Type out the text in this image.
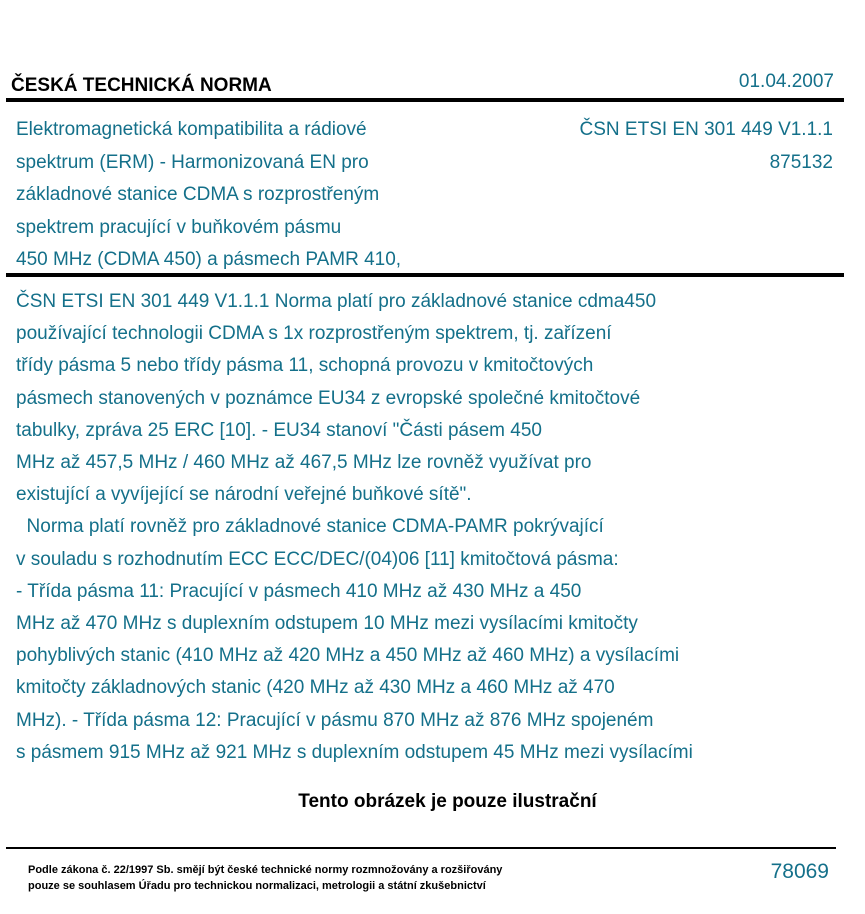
ČESKÁ TECHNICKÁ NORMA	01.04.2007
Elektromagnetická kompatibilita a rádiové
spektrum (ERM) - Harmonizovaná EN pro
základnové stanice CDMA s rozprostřeným
spektrem pracující v buňkovém pásmu
450 MHz (CDMA 450) a pásmech PAMR 410,
ČSN ETSI EN 301 449 V1.1.1
875132
ČSN ETSI EN 301 449 V1.1.1 Norma platí pro základnové stanice cdma450
používající technologii CDMA s 1x rozprostřeným spektrem, tj. zařízení
třídy pásma 5 nebo třídy pásma 11, schopná provozu v kmitočtových
pásmech stanovených v poznámce EU34 z evropské společné kmitočtové
tabulky, zpráva 25 ERC [10]. - EU34 stanoví "Části pásem 450
MHz až 457,5 MHz / 460 MHz až 467,5 MHz lze rovněž využívat pro
existující a vyvíjející se národní veřejné buňkové sítě".
Norma platí rovněž pro základnové stanice CDMA-PAMR pokrývající
v souladu s rozhodnutím ECC ECC/DEC/(04)06 [11] kmitočtová pásma:
- Třída pásma 11: Pracující v pásmech 410 MHz až 430 MHz a 450
MHz až 470 MHz s duplexním odstupem 10 MHz mezi vysílacími kmitočty
pohyblivých stanic (410 MHz až 420 MHz a 450 MHz až 460 MHz) a vysílacími
kmitočty základnových stanic (420 MHz až 430 MHz a 460 MHz až 470
MHz). - Třída pásma 12: Pracující v pásmu 870 MHz až 876 MHz spojeném
s pásmem 915 MHz až 921 MHz s duplexním odstupem 45 MHz mezi vysílacími
Tento obrázek je pouze ilustrační
Podle zákona č. 22/1997 Sb. smějí být české technické normy rozmnožovány a rozšiřovány
pouze se souhlasem Úřadu pro technickou normalizaci, metrologii a státní zkušebnictví
78069
